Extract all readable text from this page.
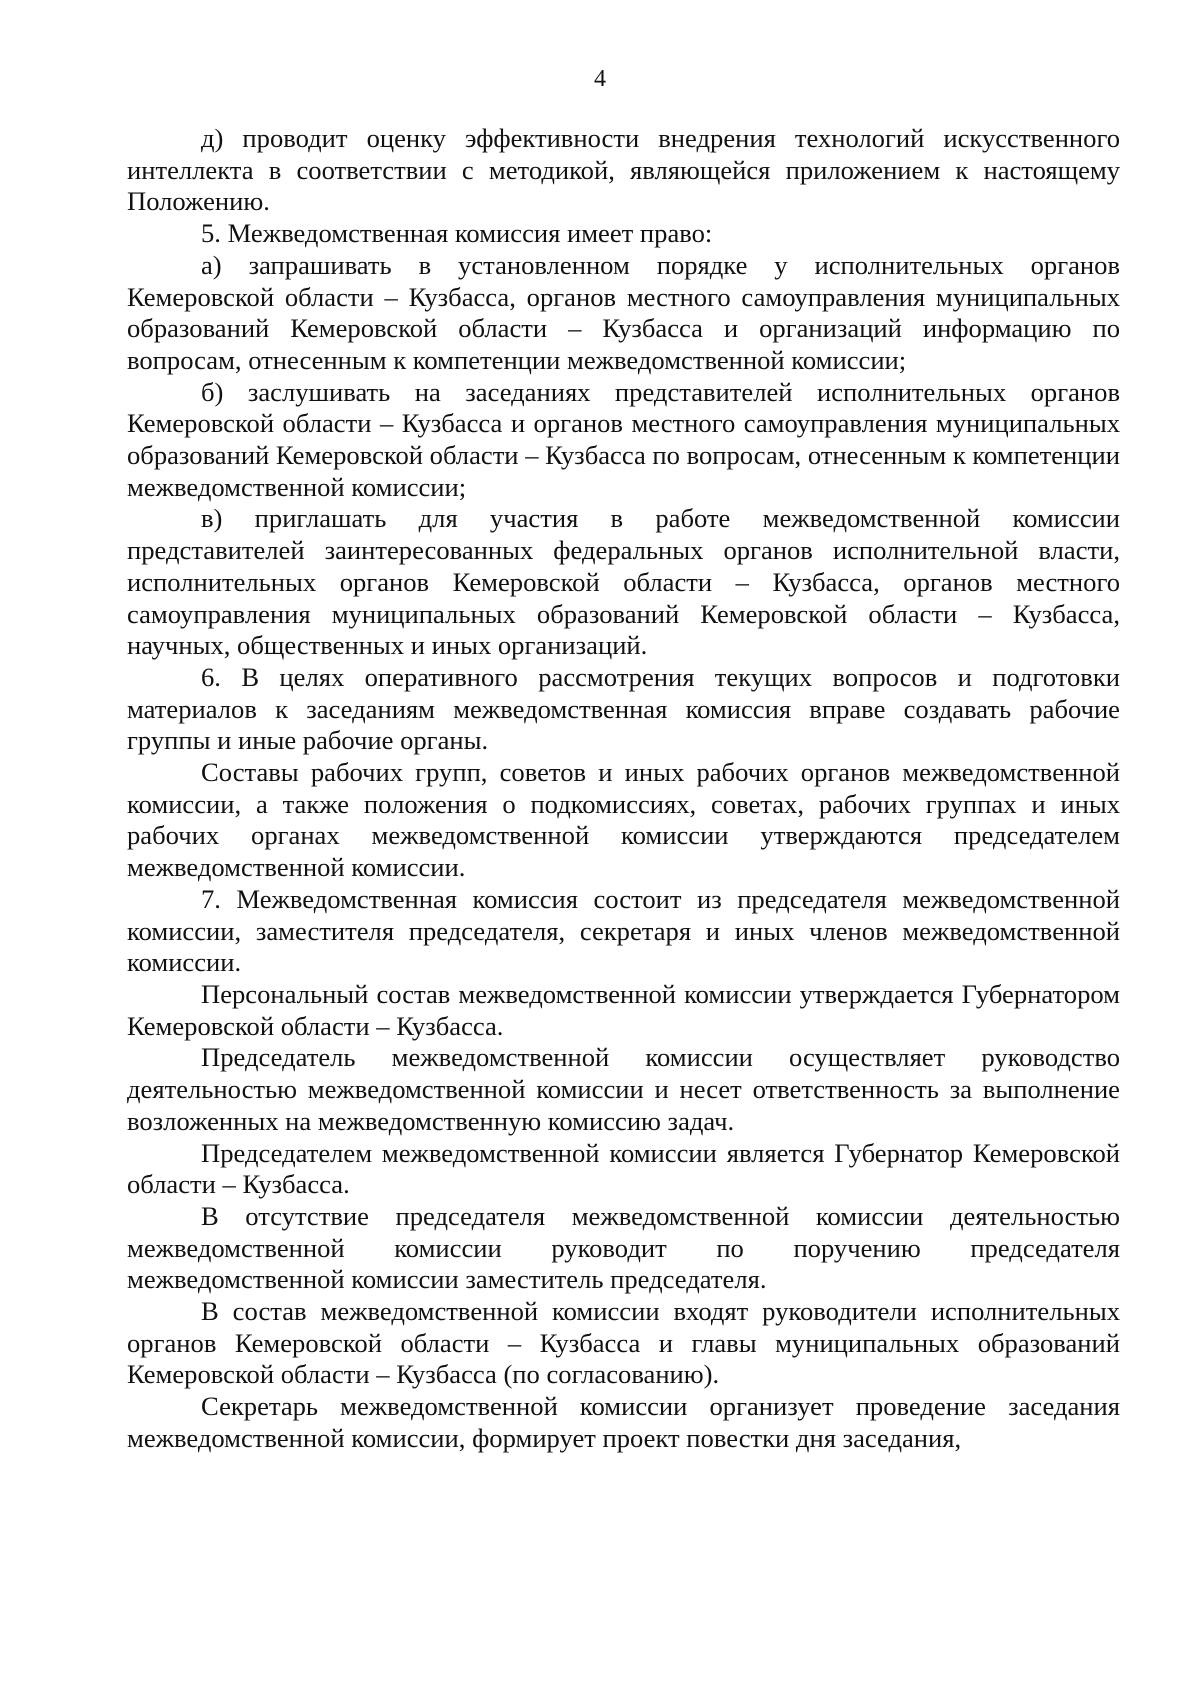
4

д) проводит оценку эффективности внедрения технологий искусственного интеллекта в соответствии с методикой, являющейся приложением к настоящему Положению.

5. Межведомственная комиссия имеет право:

а) запрашивать в установленном порядке у исполнительных органов Кемеровской области – Кузбасса, органов местного самоуправления муниципальных образований Кемеровской области – Кузбасса и организаций информацию по вопросам, отнесенным к компетенции межведомственной комиссии;

б) заслушивать на заседаниях представителей исполнительных органов Кемеровской области – Кузбасса и органов местного самоуправления муниципальных образований Кемеровской области – Кузбасса по вопросам, отнесенным к компетенции межведомственной комиссии;

в) приглашать для участия в работе межведомственной комиссии представителей заинтересованных федеральных органов исполнительной власти, исполнительных органов Кемеровской области – Кузбасса, органов местного самоуправления муниципальных образований Кемеровской области – Кузбасса, научных, общественных и иных организаций.

6. В целях оперативного рассмотрения текущих вопросов и подготовки материалов к заседаниям межведомственная комиссия вправе создавать рабочие группы и иные рабочие органы.

Составы рабочих групп, советов и иных рабочих органов межведомственной комиссии, а также положения о подкомиссиях, советах, рабочих группах и иных рабочих органах межведомственной комиссии утверждаются председателем межведомственной комиссии.

7. Межведомственная комиссия состоит из председателя межведомственной комиссии, заместителя председателя, секретаря и иных членов межведомственной комиссии.

Персональный состав межведомственной комиссии утверждается Губернатором Кемеровской области – Кузбасса.

Председатель межведомственной комиссии осуществляет руководство деятельностью межведомственной комиссии и несет ответственность за выполнение возложенных на межведомственную комиссию задач.

Председателем межведомственной комиссии является Губернатор Кемеровской области – Кузбасса.

В отсутствие председателя межведомственной комиссии деятельностью межведомственной комиссии руководит по поручению председателя межведомственной комиссии заместитель председателя.

В состав межведомственной комиссии входят руководители исполнительных органов Кемеровской области – Кузбасса и главы муниципальных образований Кемеровской области – Кузбасса (по согласованию).

Секретарь межведомственной комиссии организует проведение заседания межведомственной комиссии, формирует проект повестки дня заседания,
